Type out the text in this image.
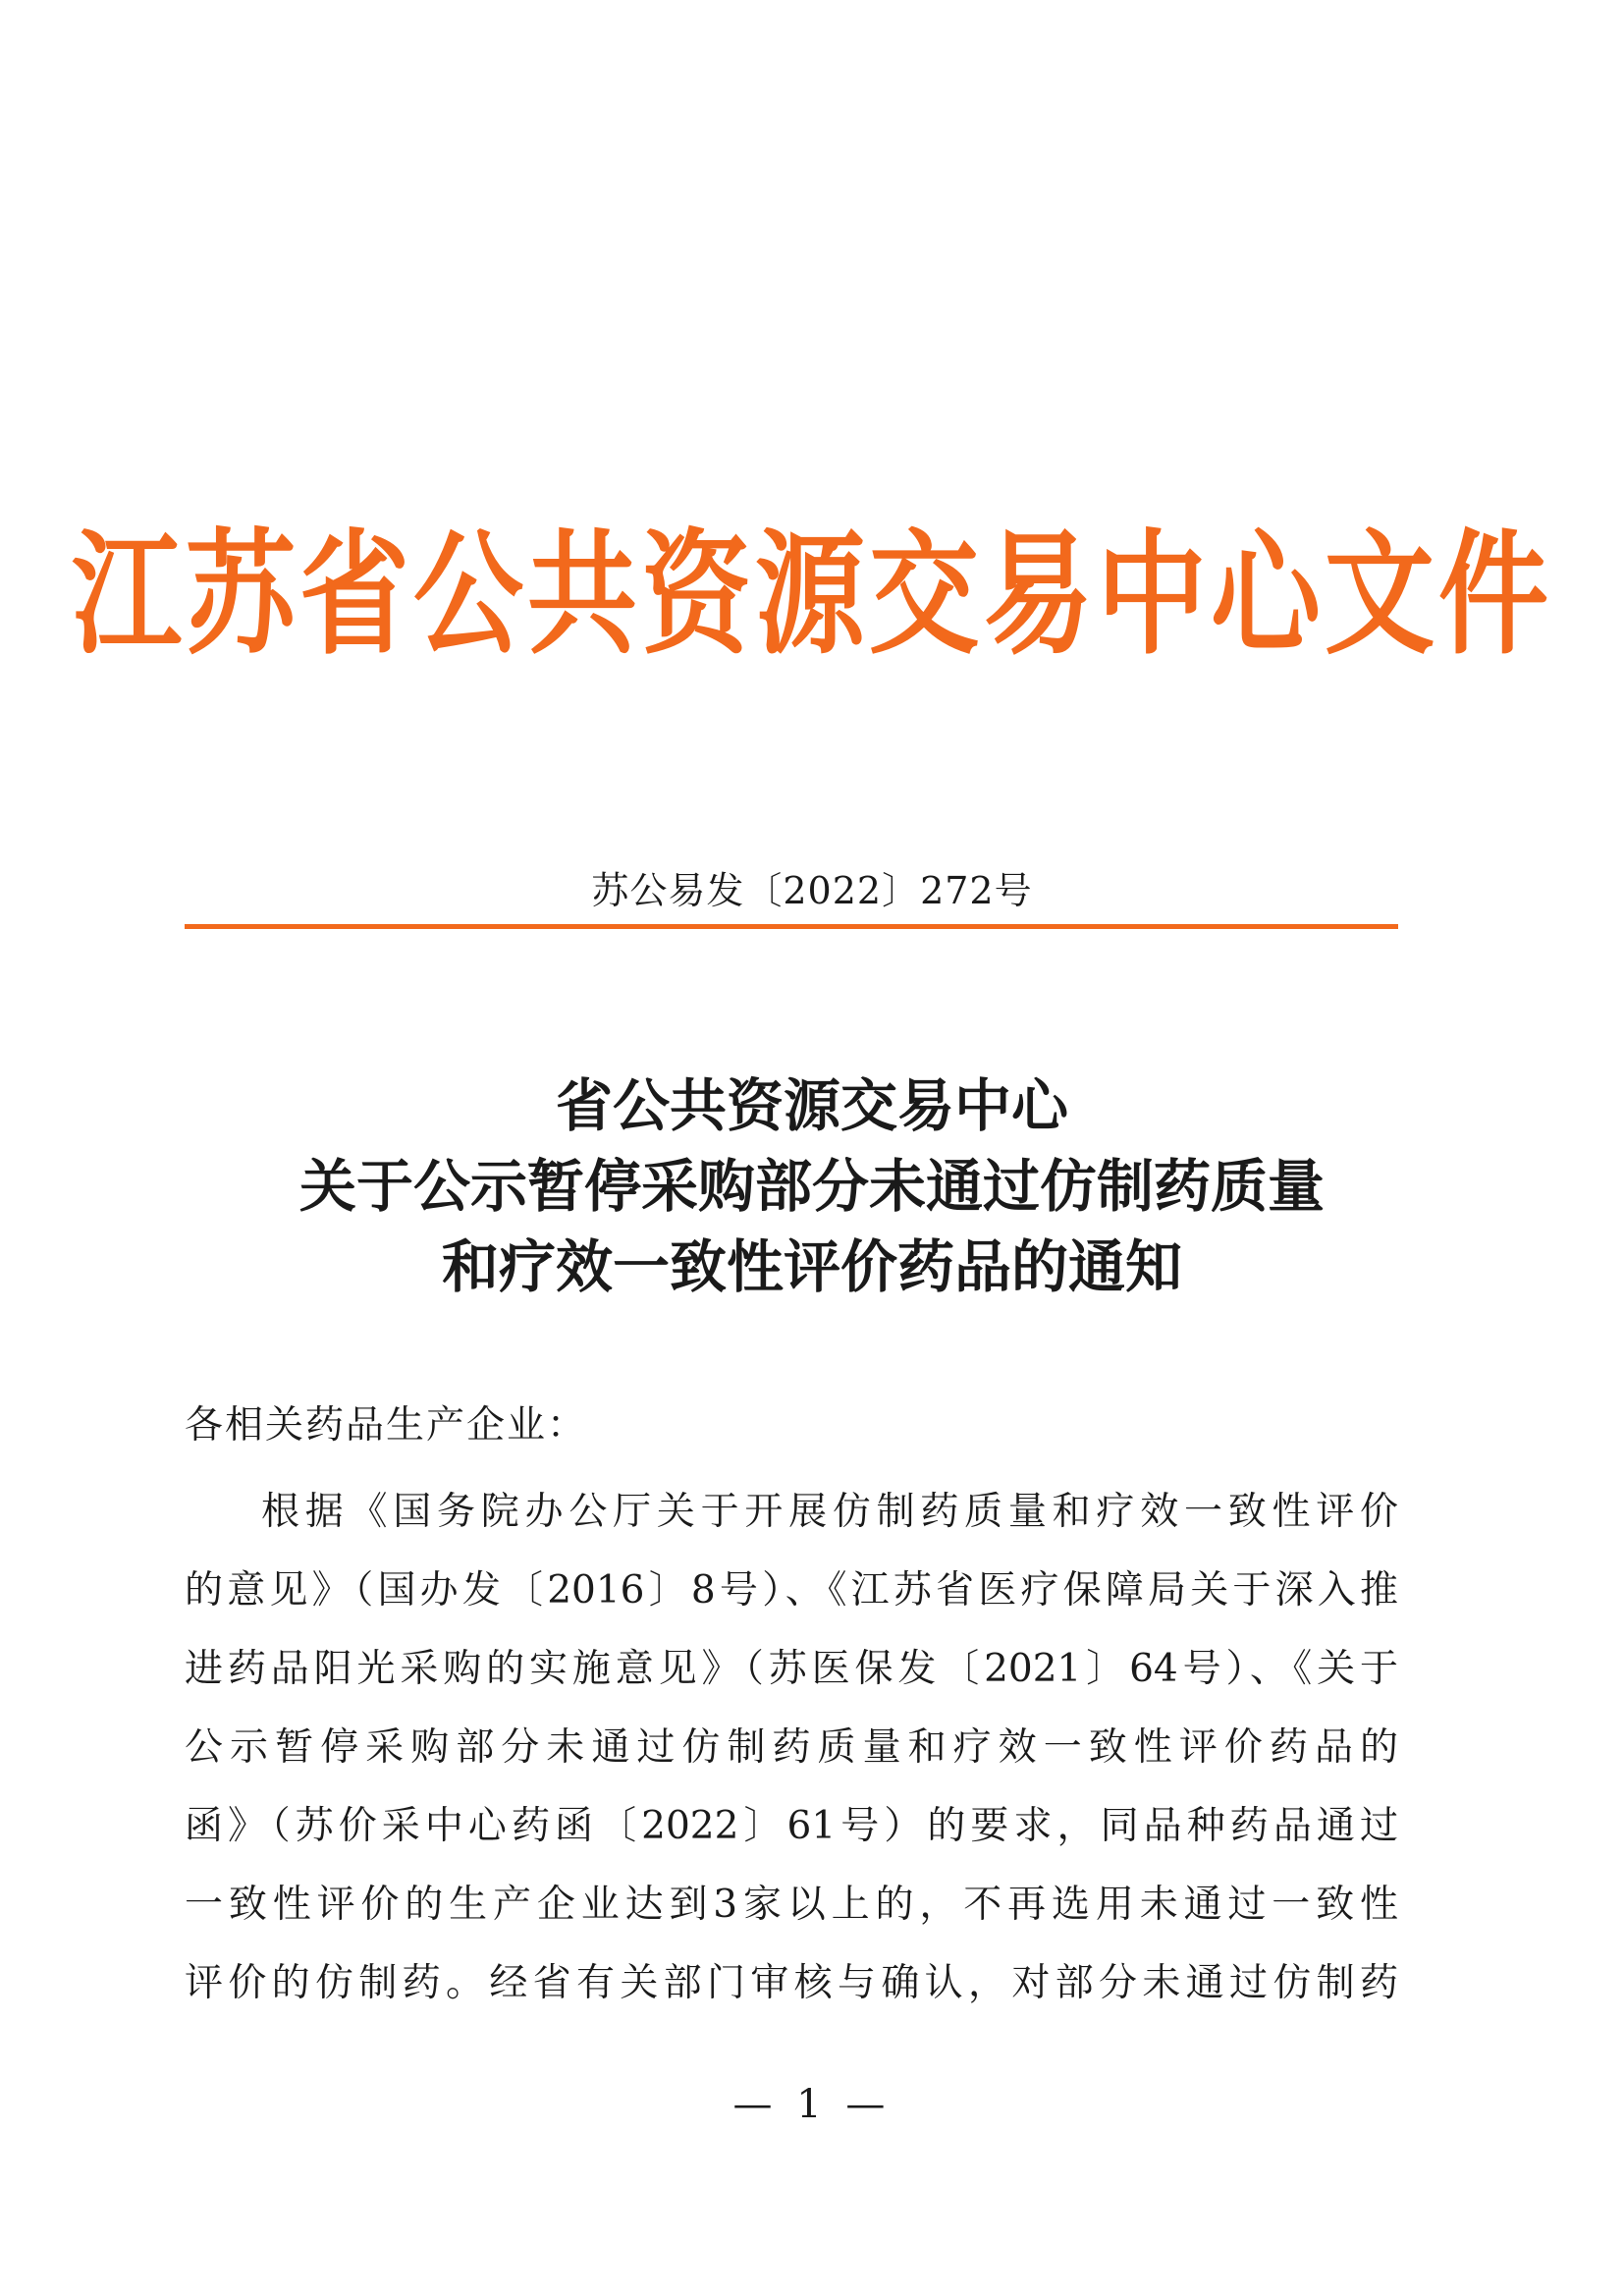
江苏省公共资源交易中心文件
苏公易发〔2022〕272号
省公共资源交易中心
关于公示暂停采购部分未通过仿制药质量
和疗效一致性评价药品的通知
各相关药品生产企业：
根据《国务院办公厅关于开展仿制药质量和疗效一致性评价
的意见》（国办发〔2016〕8号）、《江苏省医疗保障局关于深入推
进药品阳光采购的实施意见》（苏医保发〔2021〕64号）、《关于
公示暂停采购部分未通过仿制药质量和疗效一致性评价药品的
函》（苏价采中心药函〔2022〕61号）的要求，同品种药品通过
一致性评价的生产企业达到3家以上的，不再选用未通过一致性
评价的仿制药。经省有关部门审核与确认，对部分未通过仿制药
— 1 —
